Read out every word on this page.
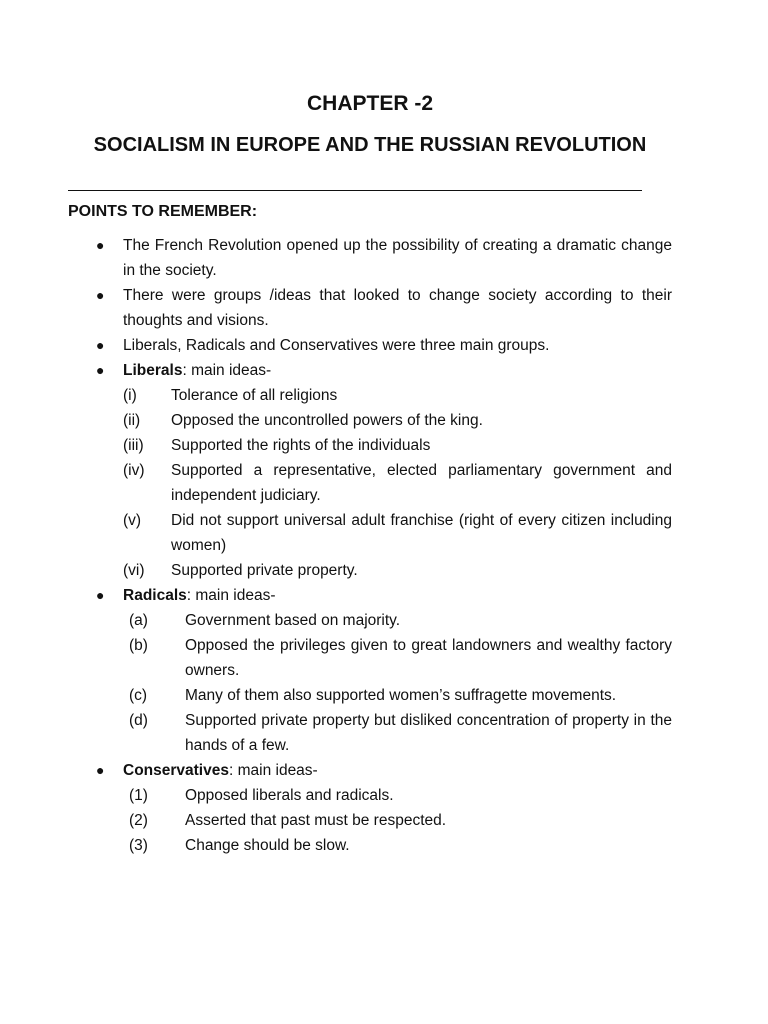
CHAPTER -2
SOCIALISM IN EUROPE AND THE RUSSIAN REVOLUTION
POINTS TO REMEMBER:
●	The French Revolution opened up the possibility of creating a dramatic change in the society.
●	There were groups /ideas that looked to change society according to their thoughts and visions.
●	Liberals, Radicals and Conservatives were three main groups.
●	Liberals: main ideas-
(i)	Tolerance of all religions
(ii)	Opposed the uncontrolled powers of the king.
(iii)	Supported the rights of the individuals
(iv)	Supported a representative, elected parliamentary government and independent judiciary.
(v)	Did not support universal adult franchise (right of every citizen including women)
(vi)	Supported private property.
●	Radicals: main ideas-
(a)	Government based on majority.
(b)	Opposed the privileges given to great landowners and wealthy factory owners.
(c)	Many of them also supported women’s suffragette movements.
(d)	Supported private property but disliked concentration of property in the hands of a few.
●	Conservatives: main ideas-
(1)	Opposed liberals and radicals.
(2)	Asserted that past must be respected.
(3)	Change should be slow.
